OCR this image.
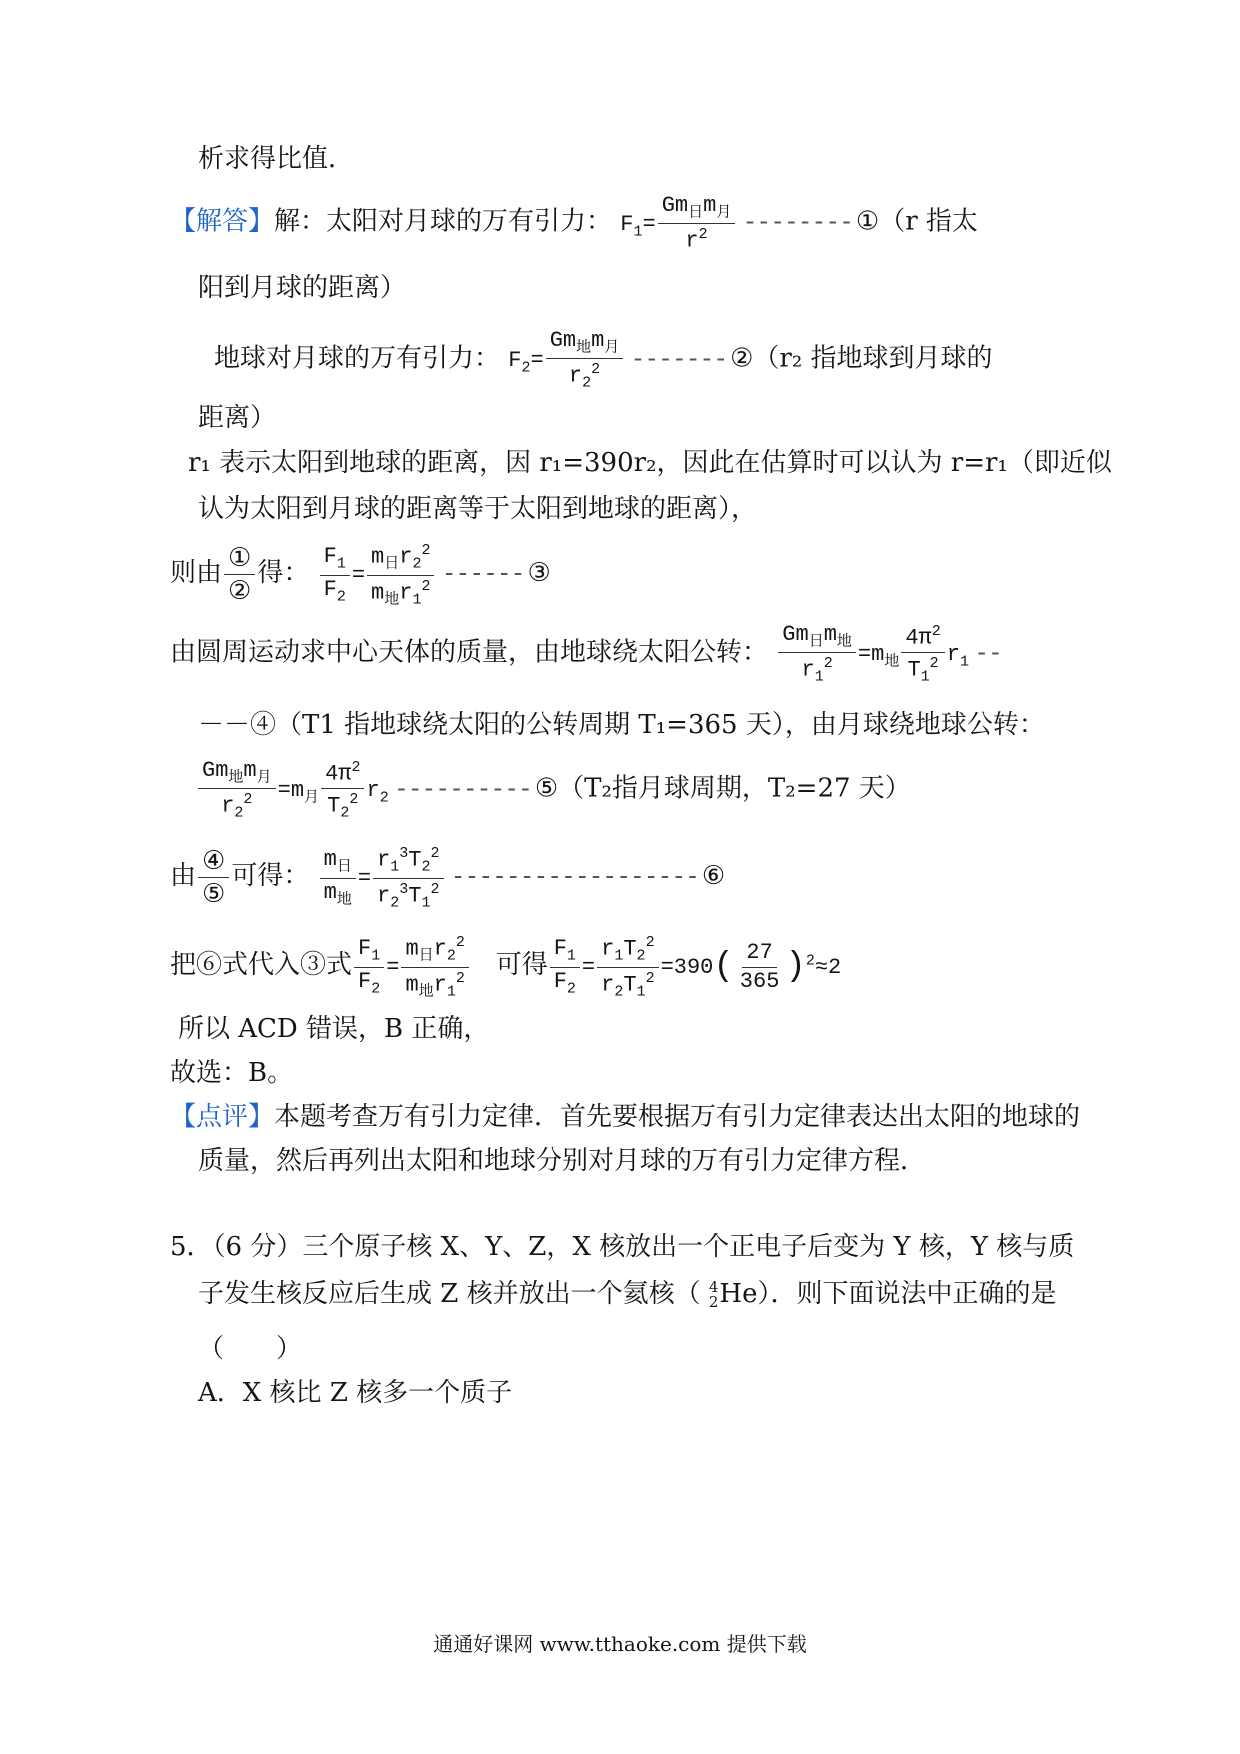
析求得比值．
【解答】解：太阳对月球的万有引力： $F_1= \frac{Gm_日m_月}{r^2}$ --------①（r 指太
阳到月球的距离）
地球对月球的万有引力： $F_2= \frac{Gm_地m_月}{r_2^2}$ -------②（r₂ 指地球到月球的
距离）
r₁ 表示太阳到地球的距离，因 r₁=390r₂，因此在估算时可以认为 r=r₁（即近似
认为太阳到月球的距离等于太阳到地球的距离），
则由 $\frac{\text{①}}{\text{②}}$ 得： $\frac{F_1}{F_2} = \frac{m_日r_2^2}{m_地r_1^2}$ ------③
由圆周运动求中心天体的质量，由地球绕太阳公转： $\frac{Gm_日m_地}{r_1^2} =m_地 \frac{4\pi^2}{T_1^2} r_1$ --
－－④（T1 指地球绕太阳的公转周期 T₁=365 天），由月球绕地球公转：
$\frac{Gm_地m_月}{r_2^2} =m_月 \frac{4\pi^2}{T_2^2} r_2$ ----------⑤（T₂指月球周期，T₂=27 天）
由 $\frac{\text{④}}{\text{⑤}}$ 可得： $\frac{m_日}{m_地} = \frac{r_1^3T_2^2}{r_2^3T_1^2}$ ------------------⑥
把⑥式代入③式 $\frac{F_1}{F_2} = \frac{m_日r_2^2}{m_地r_1^2}$ 可得 $\frac{F_1}{F_2} = \frac{r_1T_2^2}{r_2T_1^2} =390( \frac{27}{365} )^2\approx 2$
所以 ACD 错误，B 正确，
故选：B。
【点评】本题考查万有引力定律．首先要根据万有引力定律表达出太阳的地球的
质量，然后再列出太阳和地球分别对月球的万有引力定律方程．
5．（6 分）三个原子核 X、Y、Z，X 核放出一个正电子后变为 Y 核，Y 核与质
子发生核反应后生成 Z 核并放出一个氦核（ 4
2 He）．则下面说法中正确的是
（　　）
A．X 核比 Z 核多一个质子
通通好课网 www.tthaoke.com 提供下载
